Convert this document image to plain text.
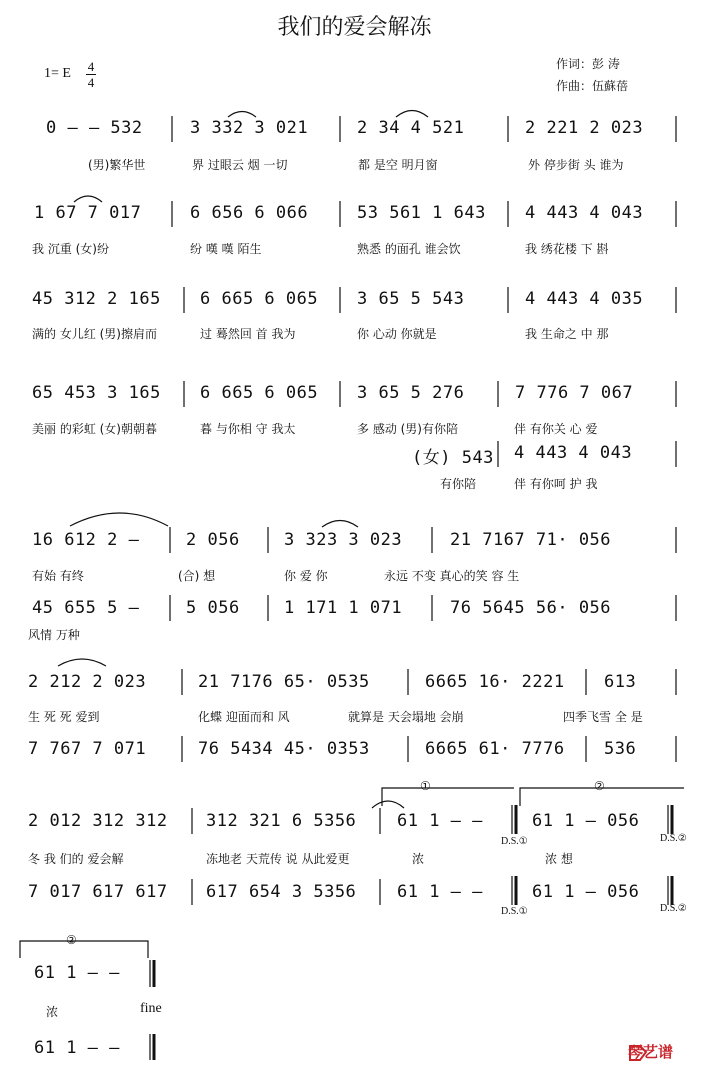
我们的爱会解冻
1= E 4
4
作词：彭 涛
作曲：伍蘇蓓
0 – – 532	3 332 3 021	2 34 4 521	2 221 2 023
(男)繁华世	界 过眼云 烟 一切	都 是空 明月窗	外 停步街 头 谁为
1 67 7 017	6 656 6 066	53 561 1 643 4 443 4 043
我 沉重 (女)纷	纷 嘆 嘆 陌生	熟悉 的面孔 谁会饮	我 绣花楼 下 斟
45 312 2 165 6 665 6 065 3 65 5 543	4 443 4 035
满的 女儿红 (男)擦肩而	过 蓦然回 首 我为	你 心动 你就是	我 生命之 中 那
65 453 3 165 6 665 6 065 3 65 5 276	7 776 7 067
美丽 的彩虹 (女)朝朝暮	暮 与你相 守 我太	多 感动 (男)有你陪	伴 有你关 心 爱
(女) 543 4 443 4 043
有你陪	伴 有你呵 护 我
16 612 2 –	2 056	3 323 3 023	21 7167 71· 056
有始 有终	(合) 想	你 爱 你	永远 不变 真心的笑 容 生
45 655 5 –	5 056	1 171 1 071	76 5645 56· 056
风情 万种
2 212 2 023	21 7176 65· 0535	6665 16· 2221 613
生 死 死 爱到	化蝶 迎面而和 风	就算是 天会塌地 会崩	四季飞雪 全 是
7 767 7 071	76 5434 45· 0353	6665 61· 7776 536
①	②
2 012 312 312 312 321 6 5356 61 1 – –	61 1 – 056
冬 我 们的 爱会解	冻地老 天荒传 说 从此爱更	浓	浓 想
D.S.①	D.S.②
7 017 617 617 617 654 3 5356 61 1 – –	61 1 – 056
D.S.①	D.S.②
②
61 1 – –
浓	fine
61 1 – –	琴艺谱
